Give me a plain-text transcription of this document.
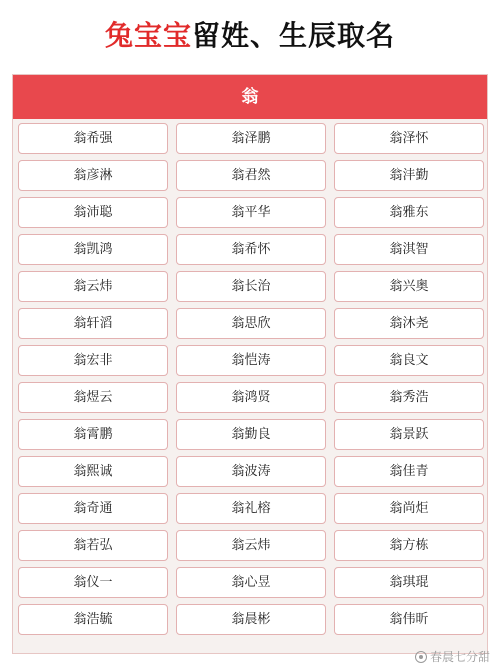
兔宝宝留姓、生辰取名
翁
翁希强	翁泽鹏	翁泽怀
翁彦淋	翁君然	翁沣勤
翁沛聪	翁平华	翁雅东
翁凯鸿	翁希怀	翁淇智
翁云炜	翁长治	翁兴奥
翁轩滔	翁思欣	翁沐尧
翁宏非	翁恺涛	翁良文
翁煜云	翁鸿贤	翁秀浩
翁霄鹏	翁勤良	翁景跃
翁熙诚	翁波涛	翁佳青
翁奇通	翁礼榕	翁尚炬
翁若弘	翁云炜	翁方栋
翁仪一	翁心昱	翁琪琨
翁浩毓	翁晨彬	翁伟昕
春晨七分甜
